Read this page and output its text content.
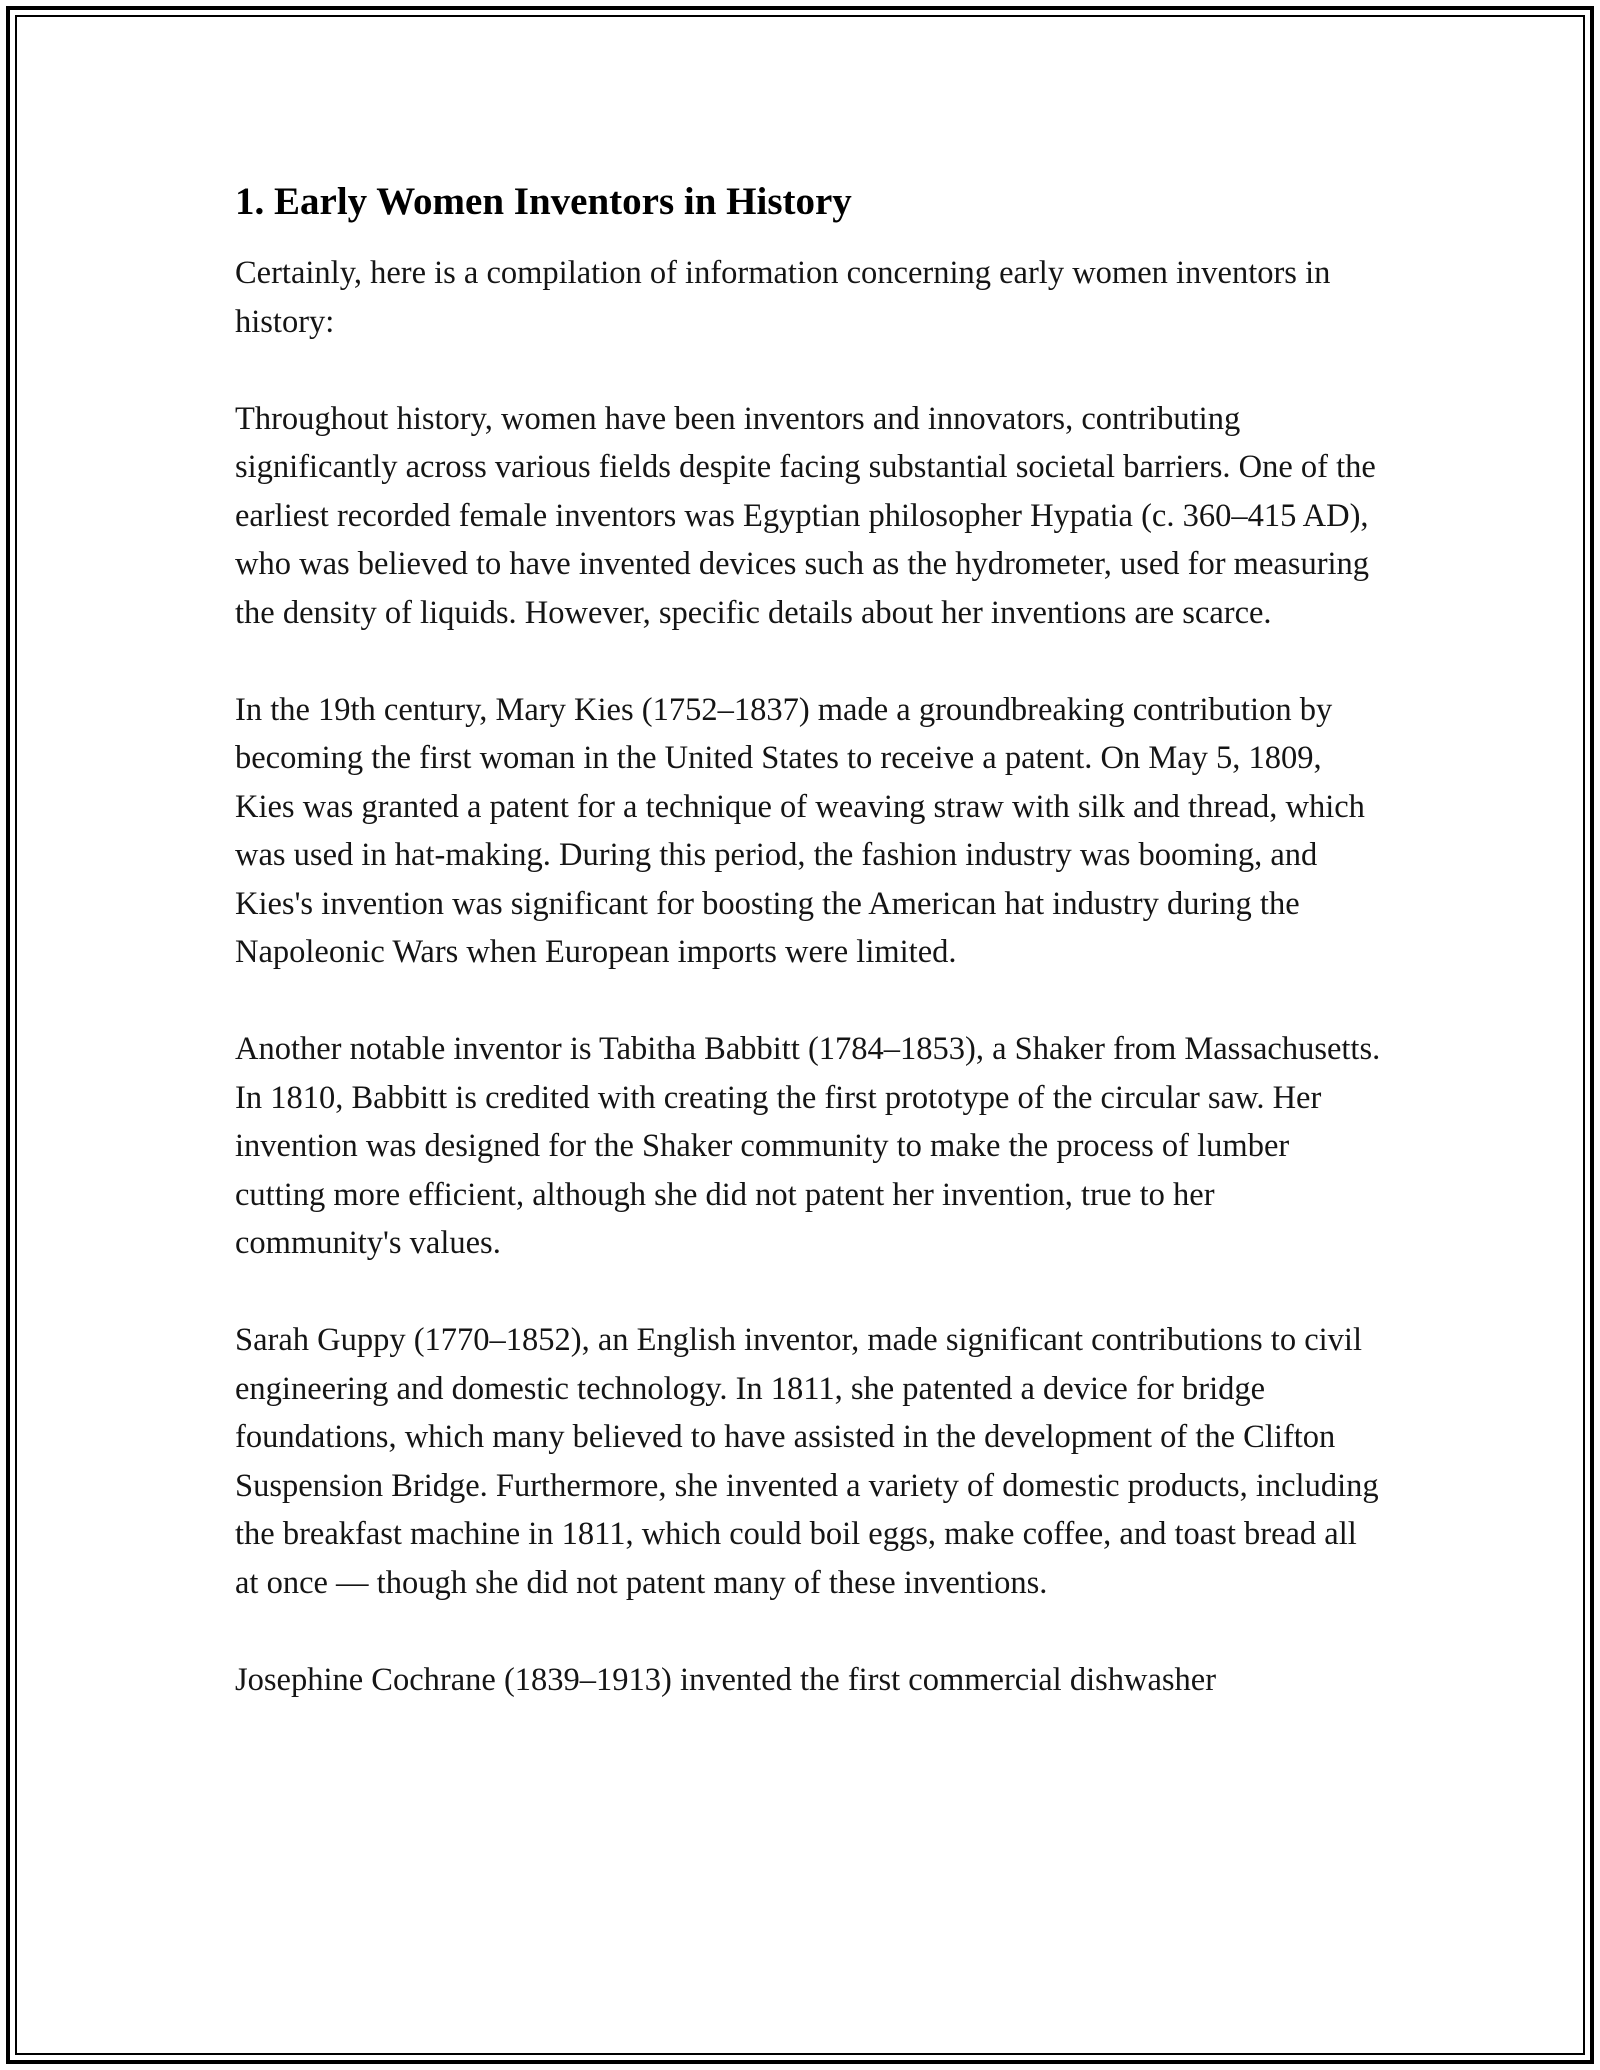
1. Early Women Inventors in History

Certainly, here is a compilation of information concerning early women inventors in history:

Throughout history, women have been inventors and innovators, contributing significantly across various fields despite facing substantial societal barriers. One of the earliest recorded female inventors was Egyptian philosopher Hypatia (c. 360–415 AD), who was believed to have invented devices such as the hydrometer, used for measuring the density of liquids. However, specific details about her inventions are scarce.

In the 19th century, Mary Kies (1752–1837) made a groundbreaking contribution by becoming the first woman in the United States to receive a patent. On May 5, 1809, Kies was granted a patent for a technique of weaving straw with silk and thread, which was used in hat-making. During this period, the fashion industry was booming, and Kies's invention was significant for boosting the American hat industry during the Napoleonic Wars when European imports were limited.

Another notable inventor is Tabitha Babbitt (1784–1853), a Shaker from Massachusetts. In 1810, Babbitt is credited with creating the first prototype of the circular saw. Her invention was designed for the Shaker community to make the process of lumber cutting more efficient, although she did not patent her invention, true to her community's values.

Sarah Guppy (1770–1852), an English inventor, made significant contributions to civil engineering and domestic technology. In 1811, she patented a device for bridge foundations, which many believed to have assisted in the development of the Clifton Suspension Bridge. Furthermore, she invented a variety of domestic products, including the breakfast machine in 1811, which could boil eggs, make coffee, and toast bread all at once — though she did not patent many of these inventions.

Josephine Cochrane (1839–1913) invented the first commercial dishwasher
